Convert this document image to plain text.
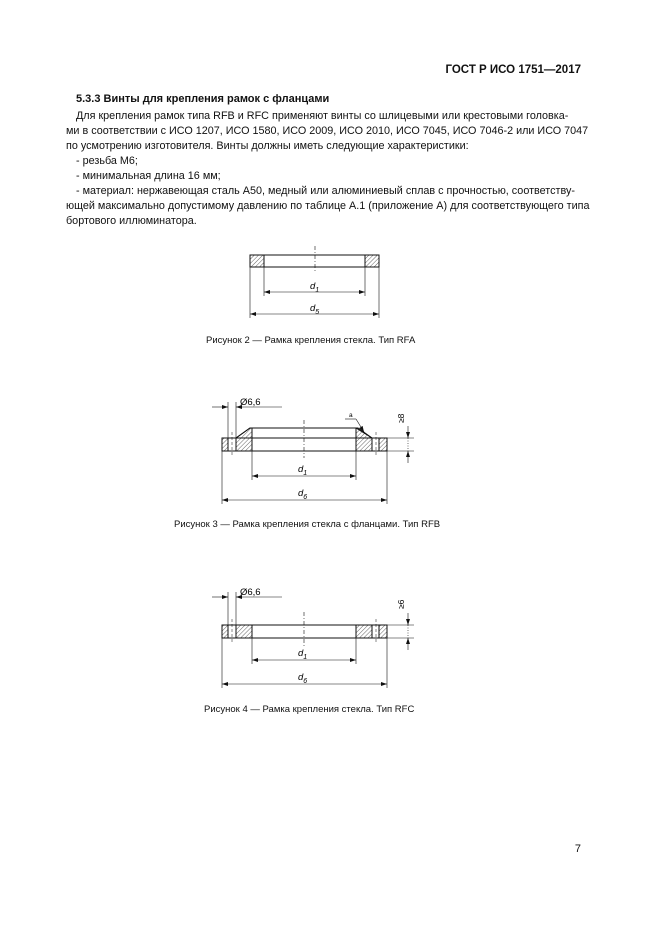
ГОСТ Р ИСО 1751—2017
5.3.3 Винты для крепления рамок с фланцами

Для крепления рамок типа RFB и RFC применяют винты со шлицевыми или крестовыми головка-

ми в соответствии с ИСО 1207, ИСО 1580, ИСО 2009, ИСО 2010, ИСО 7045, ИСО 7046-2 или ИСО 7047

по усмотрению изготовителя. Винты должны иметь следующие характеристики:

- резьба М6;

- минимальная длина 16 мм;

- материал: нержавеющая сталь А50, медный или алюминиевый сплав с прочностью, соответству-

ющей максимально допустимому давлению по таблице А.1 (приложение А) для соответствующего типа

бортового иллюминатора.

$d_1$
$d_5$
Ø6,6
a	≥8
$d_1$
$d_6$
Ø6,6
≥6
$d_1$
$d_6$
Рисунок 2 — Рамка крепления стекла. Тип RFA
Рисунок 3 — Рамка крепления стекла с фланцами. Тип RFB
Рисунок 4 — Рамка крепления стекла. Тип RFC
7
